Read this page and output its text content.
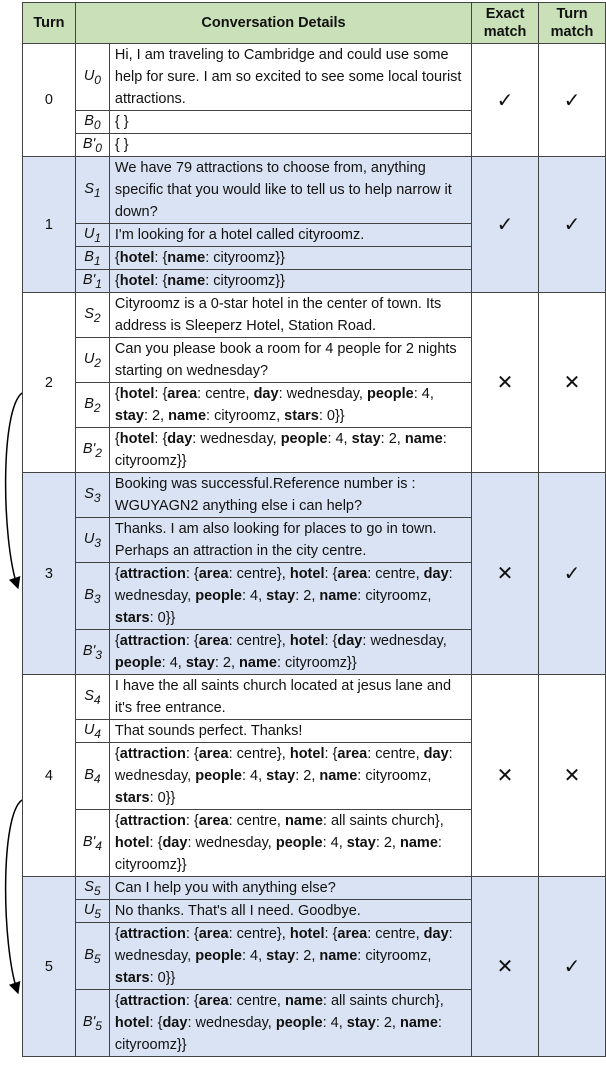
Turn	Conversation Details		Exact match	Turn match
0	$U_0$	Hi, I am traveling to Cambridge and could use some help for sure. I am so excited to see some local tourist attractions.	✓	✓
	$B_0$	{ }		
	$B'_0$	{ }		
1	$S_1$	We have 79 attractions to choose from, anything specific that you would like to tell us to help narrow it down?	✓	✓
	$U_1$	I'm looking for a hotel called cityroomz.		
	$B_1$	{hotel: {name: cityroomz}}		
	$B'_1$	{hotel: {name: cityroomz}}		
2	$S_2$	Cityroomz is a 0-star hotel in the center of town. Its address is Sleeperz Hotel, Station Road.	✕	✕
	$U_2$	Can you please book a room for 4 people for 2 nights starting on wednesday?		
	$B_2$	{hotel: {area: centre, day: wednesday, people: 4, stay: 2, name: cityroomz, stars: 0}}		
	$B'_2$	{hotel: {day: wednesday, people: 4, stay: 2, name: cityroomz}}		
3	$S_3$	Booking was successful.Reference number is : WGUYAGN2 anything else i can help?	✕	✓
	$U_3$	Thanks. I am also looking for places to go in town. Perhaps an attraction in the city centre.		
	$B_3$	{attraction: {area: centre}, hotel: {area: centre, day: wednesday, people: 4, stay: 2, name: cityroomz, stars: 0}}		
	$B'_3$	{attraction: {area: centre}, hotel: {day: wednesday, people: 4, stay: 2, name: cityroomz}}		
4	$S_4$	I have the all saints church located at jesus lane and it's free entrance.	✕	✕
	$U_4$	That sounds perfect. Thanks!		
	$B_4$	{attraction: {area: centre}, hotel: {area: centre, day: wednesday, people: 4, stay: 2, name: cityroomz, stars: 0}}		
	$B'_4$	{attraction: {area: centre, name: all saints church}, hotel: {day: wednesday, people: 4, stay: 2, name: cityroomz}}		
5	$S_5$	Can I help you with anything else?	✕	✓
	$U_5$	No thanks. That's all I need. Goodbye.		
	$B_5$	{attraction: {area: centre}, hotel: {area: centre, day: wednesday, people: 4, stay: 2, name: cityroomz, stars: 0}}		
	$B'_5$	{attraction: {area: centre, name: all saints church}, hotel: {day: wednesday, people: 4, stay: 2, name: cityroomz}}		
